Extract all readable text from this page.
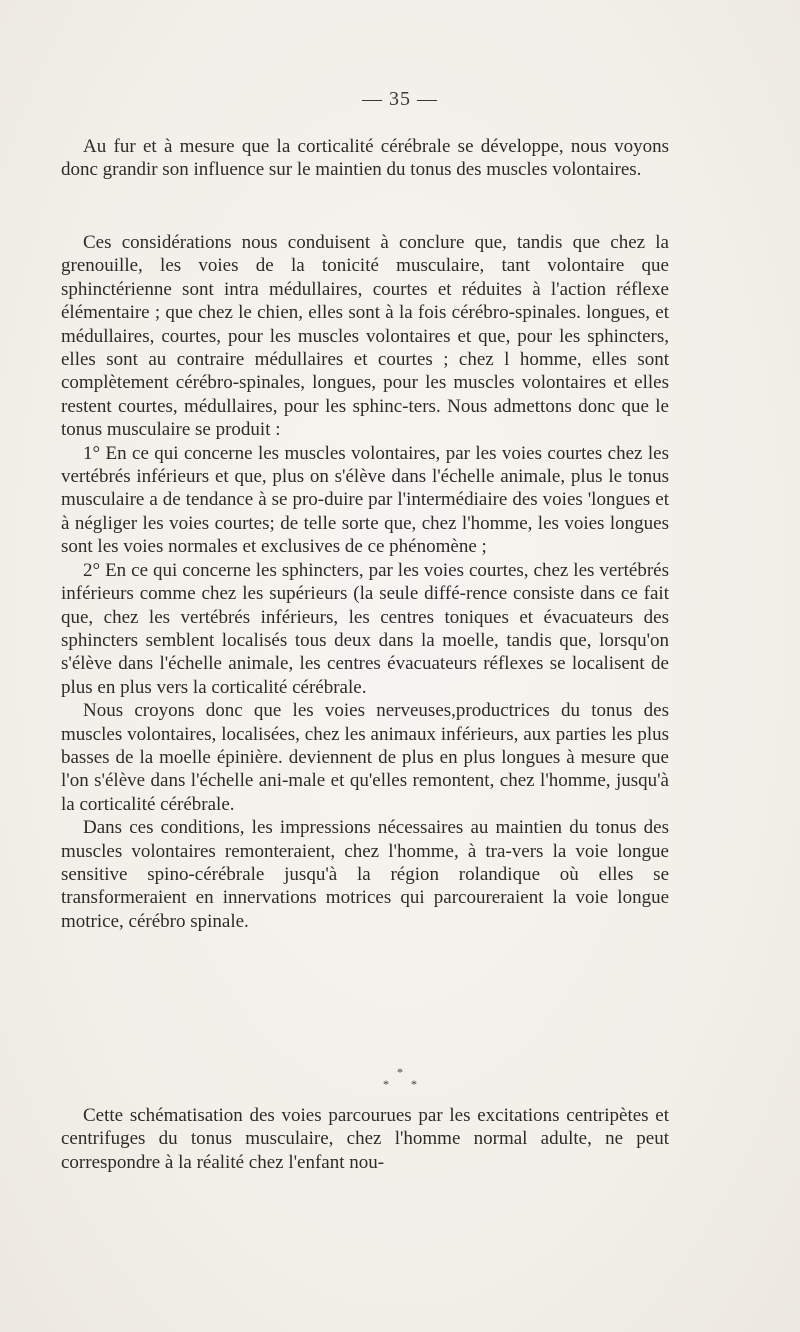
— 35 —

Au fur et à mesure que la corticalité cérébrale se développe, nous voyons donc grandir son influence sur le maintien du tonus des muscles volontaires.

Ces considérations nous conduisent à conclure que, tandis que chez la grenouille, les voies de la tonicité musculaire, tant volontaire que sphinctérienne sont intra médullaires, courtes et réduites à l'action réflexe élémentaire ; que chez le chien, elles sont à la fois cérébro-spinales. longues, et médullaires, courtes, pour les muscles volontaires et que, pour les sphincters, elles sont au contraire médullaires et courtes ; chez l homme, elles sont complètement cérébro-spinales, longues, pour les muscles volontaires et elles restent courtes, médullaires, pour les sphinc-ters. Nous admettons donc que le tonus musculaire se produit :

1° En ce qui concerne les muscles volontaires, par les voies courtes chez les vertébrés inférieurs et que, plus on s'élève dans l'échelle animale, plus le tonus musculaire a de tendance à se pro-duire par l'intermédiaire des voies 'longues et à négliger les voies courtes; de telle sorte que, chez l'homme, les voies longues sont les voies normales et exclusives de ce phénomène ;

2° En ce qui concerne les sphincters, par les voies courtes, chez les vertébrés inférieurs comme chez les supérieurs (la seule diffé-rence consiste dans ce fait que, chez les vertébrés inférieurs, les centres toniques et évacuateurs des sphincters semblent localisés tous deux dans la moelle, tandis que, lorsqu'on s'élève dans l'échelle animale, les centres évacuateurs réflexes se localisent de plus en plus vers la corticalité cérébrale.

Nous croyons donc que les voies nerveuses,productrices du tonus des muscles volontaires, localisées, chez les animaux inférieurs, aux parties les plus basses de la moelle épinière. deviennent de plus en plus longues à mesure que l'on s'élève dans l'échelle ani-male et qu'elles remontent, chez l'homme, jusqu'à la corticalité cérébrale.

Dans ces conditions, les impressions nécessaires au maintien du tonus des muscles volontaires remonteraient, chez l'homme, à tra-vers la voie longue sensitive spino-cérébrale jusqu'à la région rolandique où elles se transformeraient en innervations motrices qui parcoureraient la voie longue motrice, cérébro spinale.

*
* *

Cette schématisation des voies parcourues par les excitations centripètes et centrifuges du tonus musculaire, chez l'homme normal adulte, ne peut correspondre à la réalité chez l'enfant nou-
